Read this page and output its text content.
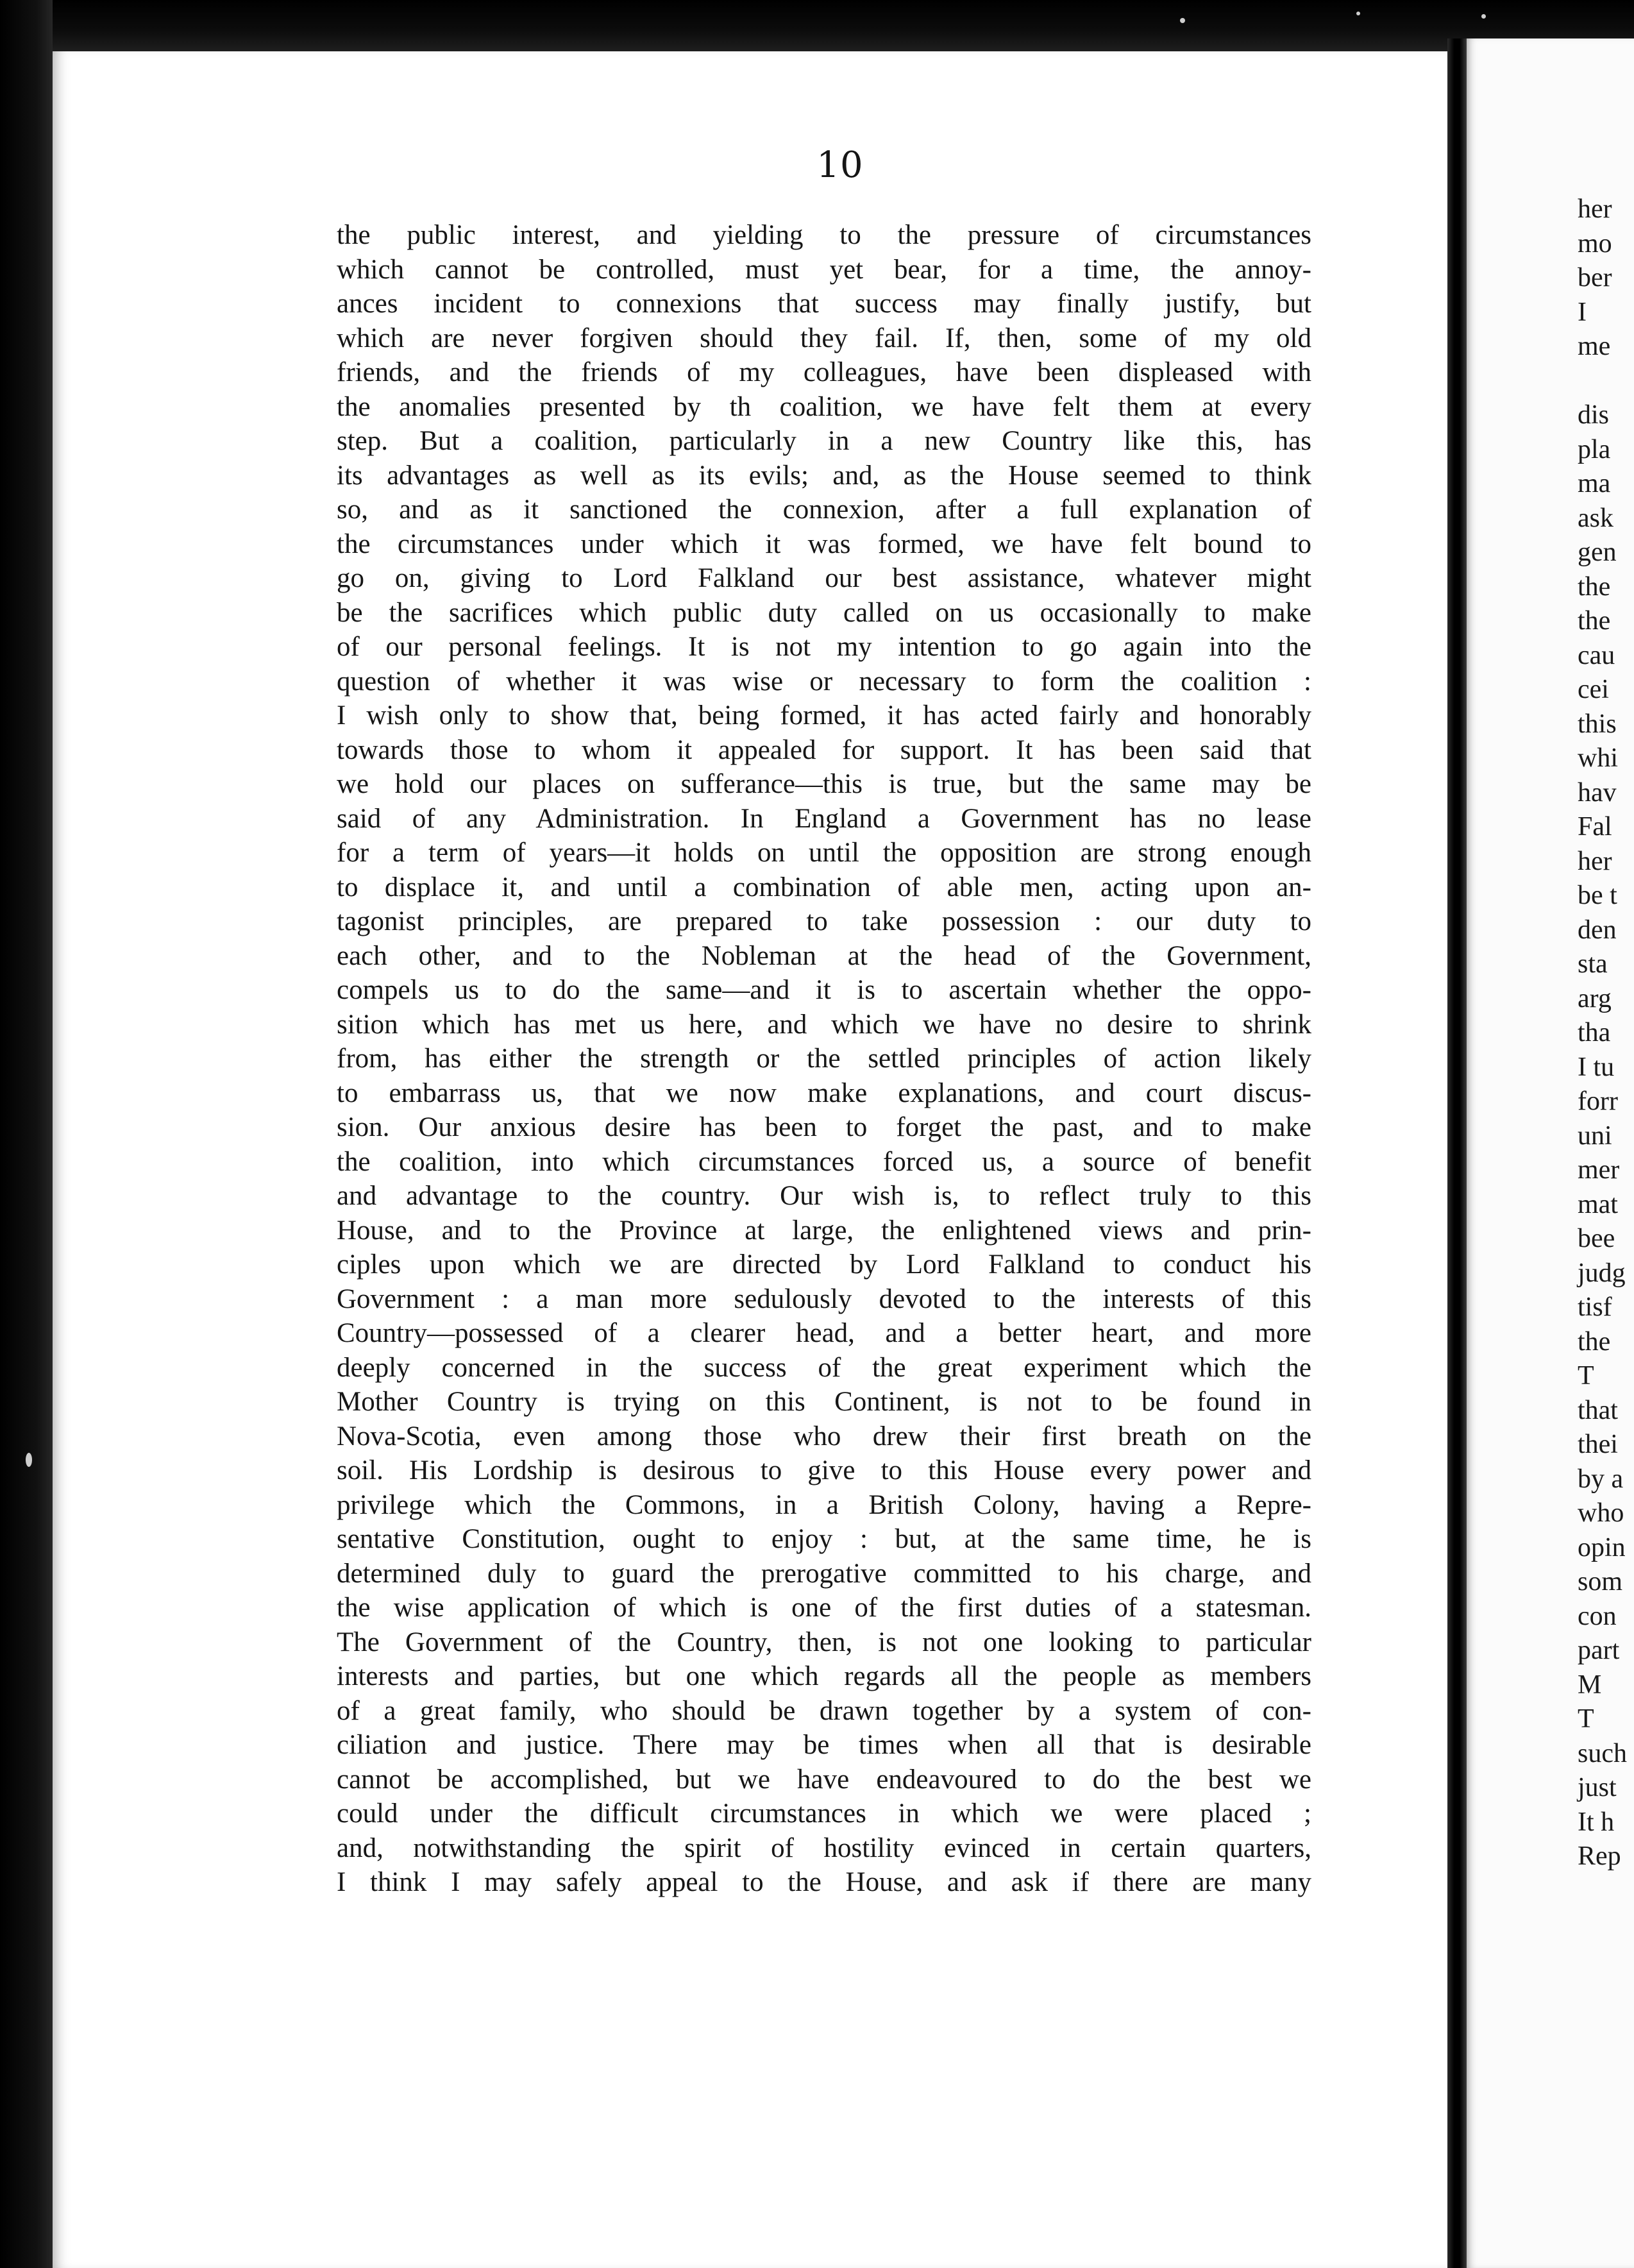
10
the public interest, and yielding to the pressure of circumstances
which cannot be controlled, must yet bear, for a time, the annoy-
ances incident to connexions that success may finally justify, but
which are never forgiven should they fail. If, then, some of my old
friends, and the friends of my colleagues, have been displeased with
the anomalies presented by th coalition, we have felt them at every
step. But a coalition, particularly in a new Country like this, has
its advantages as well as its evils; and, as the House seemed to think
so, and as it sanctioned the connexion, after a full explanation of
the circumstances under which it was formed, we have felt bound to
go on, giving to Lord Falkland our best assistance, whatever might
be the sacrifices which public duty called on us occasionally to make
of our personal feelings. It is not my intention to go again into the
question of whether it was wise or necessary to form the coalition :
I wish only to show that, being formed, it has acted fairly and honorably
towards those to whom it appealed for support. It has been said that
we hold our places on sufferance—this is true, but the same may be
said of any Administration. In England a Government has no lease
for a term of years—it holds on until the opposition are strong enough
to displace it, and until a combination of able men, acting upon an-
tagonist principles, are prepared to take possession : our duty to
each other, and to the Nobleman at the head of the Government,
compels us to do the same—and it is to ascertain whether the oppo-
sition which has met us here, and which we have no desire to shrink
from, has either the strength or the settled principles of action likely
to embarrass us, that we now make explanations, and court discus-
sion. Our anxious desire has been to forget the past, and to make
the coalition, into which circumstances forced us, a source of benefit
and advantage to the country. Our wish is, to reflect truly to this
House, and to the Province at large, the enlightened views and prin-
ciples upon which we are directed by Lord Falkland to conduct his
Government : a man more sedulously devoted to the interests of this
Country—possessed of a clearer head, and a better heart, and more
deeply concerned in the success of the great experiment which the
Mother Country is trying on this Continent, is not to be found in
Nova-Scotia, even among those who drew their first breath on the
soil. His Lordship is desirous to give to this House every power and
privilege which the Commons, in a British Colony, having a Repre-
sentative Constitution, ought to enjoy : but, at the same time, he is
determined duly to guard the prerogative committed to his charge, and
the wise application of which is one of the first duties of a statesman.
The Government of the Country, then, is not one looking to particular
interests and parties, but one which regards all the people as members
of a great family, who should be drawn together by a system of con-
ciliation and justice. There may be times when all that is desirable
cannot be accomplished, but we have endeavoured to do the best we
could under the difficult circumstances in which we were placed ;
and, notwithstanding the spirit of hostility evinced in certain quarters,
I think I may safely appeal to the House, and ask if there are many
her
mo
ber
I
me
dis
pla
ma
ask
gen
the
the
cau
cei
this
whi
hav
Fal
her
be t
den
sta
arg
tha
I tu
forr
uni
mer
mat
bee
judg
tisf
the
T
that
thei
by a
who
opin
som
con
part
M
T
such
just
It h
Rep
